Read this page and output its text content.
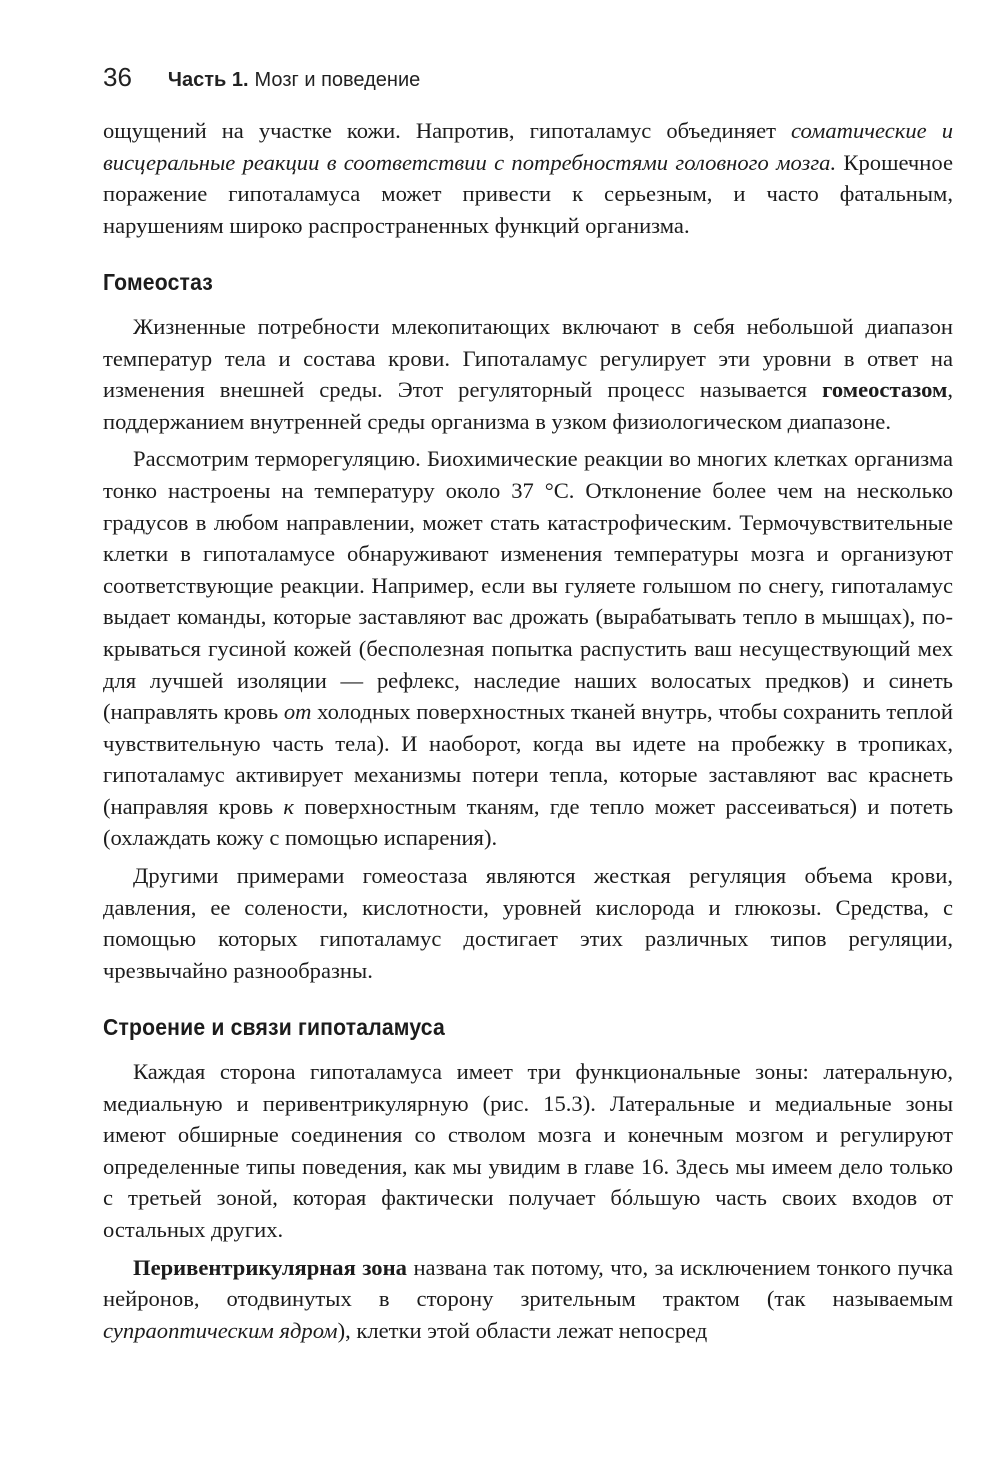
36 Часть 1. Мозг и поведение

ощущений на участке кожи. Напротив, гипоталамус объединяет соматические и висцеральные реакции в соответствии с потребностями головного мозга. Крошечное поражение гипоталамуса может привести к серьезным, и часто фатальным, нарушениям широко распространенных функций организма.

Гомеостаз

Жизненные потребности млекопитающих включают в себя небольшой диапазон температур тела и состава крови. Гипоталамус регулирует эти уровни в ответ на изменения внешней среды. Этот регуляторный процесс называется гомеостазом, поддержанием внутренней среды организма в узком физиологическом диапазоне.

Рассмотрим терморегуляцию. Биохимические реакции во многих клетках организма тонко настроены на температуру около 37 °С. Отклонение более чем на несколько градусов в любом направлении, может стать катастрофическим. Термочувствительные клетки в гипоталамусе обнаруживают изменения температуры мозга и организуют соответствующие реакции. Например, если вы гуляете голышом по снегу, гипоталамус выдает команды, которые заставляют вас дрожать (вырабатывать тепло в мышцах), покрываться гусиной кожей (бесполезная попытка распустить ваш несуществующий мех для лучшей изоляции — рефлекс, наследие наших волосатых предков) и синеть (направлять кровь от холодных поверхностных тканей внутрь, чтобы сохранить теплой чувствительную часть тела). И наоборот, когда вы идете на пробежку в тропиках, гипоталамус активирует механизмы потери тепла, которые заставляют вас краснеть (направляя кровь к поверхностным тканям, где тепло может рассеиваться) и потеть (охлаждать кожу с помощью испарения).

Другими примерами гомеостаза являются жесткая регуляция объема крови, давления, ее солености, кислотности, уровней кислорода и глюкозы. Средства, с помощью которых гипоталамус достигает этих различных типов регуляции, чрезвычайно разнообразны.

Строение и связи гипоталамуса

Каждая сторона гипоталамуса имеет три функциональные зоны: латеральную, медиальную и перивентрикулярную (рис. 15.3). Латеральные и медиальные зоны имеют обширные соединения со стволом мозга и конечным мозгом и регулируют определенные типы поведения, как мы увидим в главе 16. Здесь мы имеем дело только с третьей зоной, которая фактически получает бóльшую часть своих входов от остальных других.

Перивентрикулярная зона названа так потому, что, за исключением тонкого пучка нейронов, отодвинутых в сторону зрительным трактом (так называемым супраоптическим ядром), клетки этой области лежат непосред
